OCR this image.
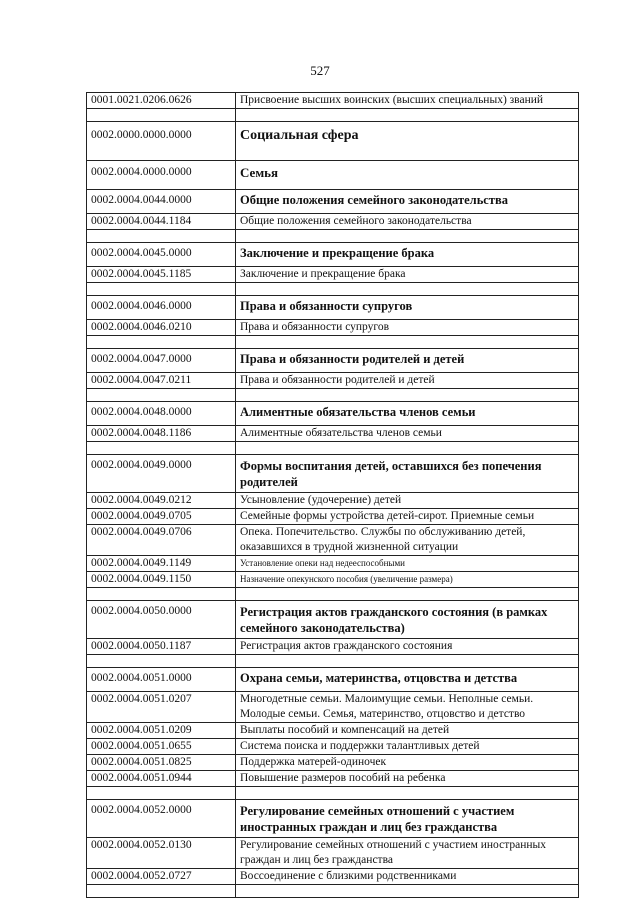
527
0001.0021.0206.0626	Присвоение высших воинских (высших специальных) званий

0002.0000.0000.0000	Социальная сфера
0002.0004.0000.0000	Семья
0002.0004.0044.0000	Общие положения семейного законодательства
0002.0004.0044.1184	Общие положения семейного законодательства

0002.0004.0045.0000	Заключение и прекращение брака
0002.0004.0045.1185	Заключение и прекращение брака

0002.0004.0046.0000	Права и обязанности супругов
0002.0004.0046.0210	Права и обязанности супругов

0002.0004.0047.0000	Права и обязанности родителей и детей
0002.0004.0047.0211	Права и обязанности родителей и детей

0002.0004.0048.0000	Алиментные обязательства членов семьи
0002.0004.0048.1186	Алиментные обязательства членов семьи

0002.0004.0049.0000	Формы воспитания детей, оставшихся без попечения родителей
0002.0004.0049.0212	Усыновление (удочерение) детей
0002.0004.0049.0705	Семейные формы устройства детей-сирот. Приемные семьи
0002.0004.0049.0706	Опека. Попечительство. Службы по обслуживанию детей, оказавшихся в трудной жизненной ситуации
0002.0004.0049.1149	Установление опеки над недееспособными
0002.0004.0049.1150	Назначение опекунского пособия (увеличение размера)

0002.0004.0050.0000	Регистрация актов гражданского состояния (в рамках семейного законодательства)
0002.0004.0050.1187	Регистрация актов гражданского состояния

0002.0004.0051.0000	Охрана семьи, материнства, отцовства и детства
0002.0004.0051.0207	Многодетные семьи. Малоимущие семьи. Неполные семьи. Молодые семьи. Семья, материнство, отцовство и детство
0002.0004.0051.0209	Выплаты пособий и компенсаций на детей
0002.0004.0051.0655	Система поиска и поддержки талантливых детей
0002.0004.0051.0825	Поддержка матерей-одиночек
0002.0004.0051.0944	Повышение размеров пособий на ребенка

0002.0004.0052.0000	Регулирование семейных отношений с участием иностранных граждан и лиц без гражданства
0002.0004.0052.0130	Регулирование семейных отношений с участием иностранных граждан и лиц без гражданства
0002.0004.0052.0727	Воссоединение с близкими родственниками
